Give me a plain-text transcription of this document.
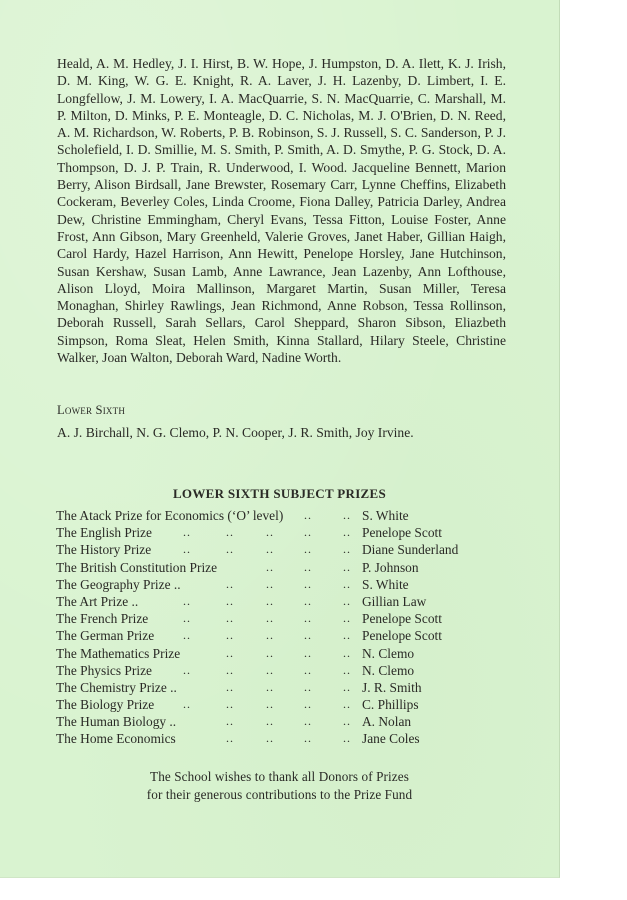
Heald, A. M. Hedley, J. I. Hirst, B. W. Hope, J. Humpston, D. A. Ilett, K. J. Irish, D. M. King, W. G. E. Knight, R. A. Laver, J. H. Lazenby, D. Limbert, I. E. Longfellow, J. M. Lowery, I. A. MacQuarrie, S. N. MacQuarrie, C. Marshall, M. P. Milton, D. Minks, P. E. Monteagle, D. C. Nicholas, M. J. O'Brien, D. N. Reed, A. M. Richardson, W. Roberts, P. B. Robinson, S. J. Russell, S. C. Sanderson, P. J. Scholefield, I. D. Smillie, M. S. Smith, P. Smith, A. D. Smythe, P. G. Stock, D. A. Thompson, D. J. P. Train, R. Underwood, I. Wood. Jacqueline Bennett, Marion Berry, Alison Birdsall, Jane Brewster, Rosemary Carr, Lynne Cheffins, Elizabeth Cockeram, Beverley Coles, Linda Croome, Fiona Dalley, Patricia Darley, Andrea Dew, Christine Emmingham, Cheryl Evans, Tessa Fitton, Louise Foster, Anne Frost, Ann Gibson, Mary Greenheld, Valerie Groves, Janet Haber, Gillian Haigh, Carol Hardy, Hazel Harrison, Ann Hewitt, Penelope Horsley, Jane Hutchinson, Susan Kershaw, Susan Lamb, Anne Lawrance, Jean Lazenby, Ann Lofthouse, Alison Lloyd, Moira Mallinson, Margaret Martin, Susan Miller, Teresa Monaghan, Shirley Rawlings, Jean Richmond, Anne Robson, Tessa Rollinson, Deborah Russell, Sarah Sellars, Carol Sheppard, Sharon Sibson, Eliazbeth Simpson, Roma Sleat, Helen Smith, Kinna Stallard, Hilary Steele, Christine Walker, Joan Walton, Deborah Ward, Nadine Worth.

Lower Sixth
A. J. Birchall, N. G. Clemo, P. N. Cooper, J. R. Smith, Joy Irvine.
LOWER SIXTH SUBJECT PRIZES
The Atack Prize for Economics (‘O’ level) ..	.. S. White
The English Prize	..	..	..	..	.. Penelope Scott
The History Prize	..	..	..	..	.. Diane Sunderland
The British Constitution Prize	..	..	.. P. Johnson
The Geography Prize ..	..	..	..	.. S. White
The Art Prize ..	..	..	..	..	.. Gillian Law
The French Prize	..	..	..	..	.. Penelope Scott
The German Prize ..	..	..	..	.. Penelope Scott
The Mathematics Prize	..	..	..	.. N. Clemo
The Physics Prize	..	..	..	..	.. N. Clemo
The Chemistry Prize ..	..	..	..	.. J. R. Smith
The Biology Prize ..	..	..	..	.. C. Phillips
The Human Biology ..	..	..	..	.. A. Nolan
The Home Economics	..	..	..	.. Jane Coles
The School wishes to thank all Donors of Prizes
for their generous contributions to the Prize Fund
